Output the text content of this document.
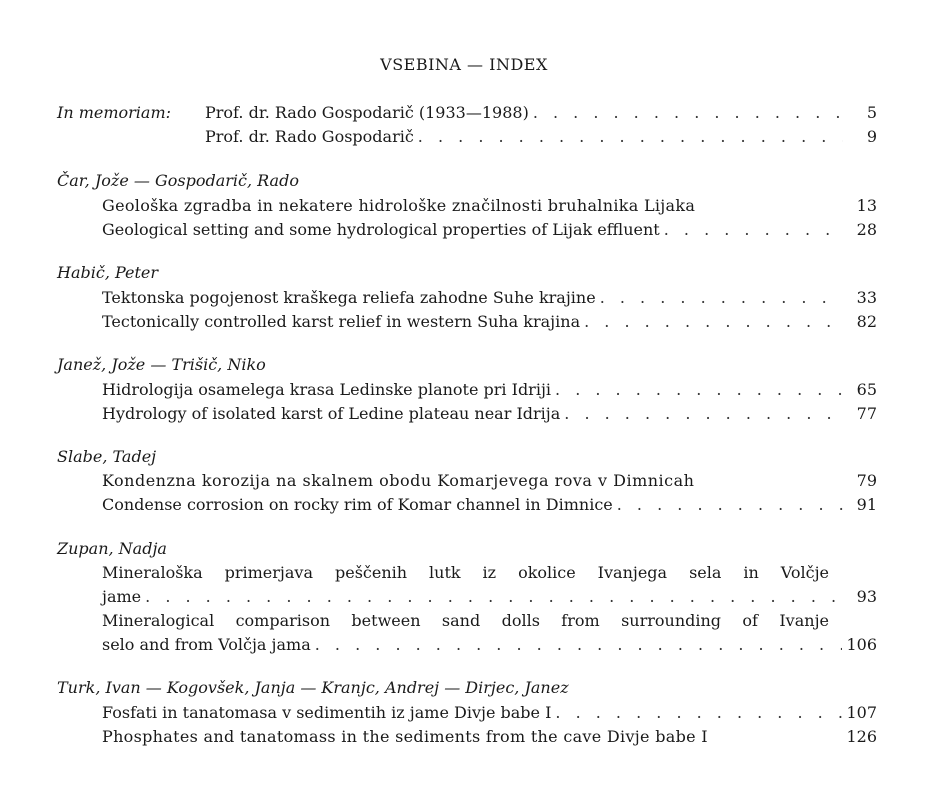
VSEBINA — INDEX
In memoriam: Prof. dr. Rado Gospodarič (1933—1988) . . .	5
Prof. dr. Rado Gospodarič . . .	9
Čar, Jože — Gospodarič, Rado
Geološka zgradba in nekatere hidrološke značilnosti bruhalnika Lijaka	13
Geological setting and some hydrological properties of Lijak effluent . . .	28
Habič, Peter
Tektonska pogojenost kraškega reliefa zahodne Suhe krajine . . .	33
Tectonically controlled karst relief in western Suha krajina . . .	82
Janež, Jože — Trišič, Niko
Hidrologija osamelega krasa Ledinske planote pri Idriji . . .	65
Hydrology of isolated karst of Ledine plateau near Idrija . . .	77
Slabe, Tadej
Kondenzna korozija na skalnem obodu Komarjevega rova v Dimnicah	79
Condense corrosion on rocky rim of Komar channel in Dimnice . . .	91
Zupan, Nadja
Mineraloška primerjava peščenih lutk iz okolice Ivanjega sela in Volčje
jame . . .	93
Mineralogical comparison between sand dolls from surrounding of Ivanje
selo and from Volčja jama . . .	106
Turk, Ivan — Kogovšek, Janja — Kranjc, Andrej — Dirjec, Janez
Fosfati in tanatomasa v sedimentih iz jame Divje babe I . . .	107
Phosphates and tanatomass in the sediments from the cave Divje babe I	126
